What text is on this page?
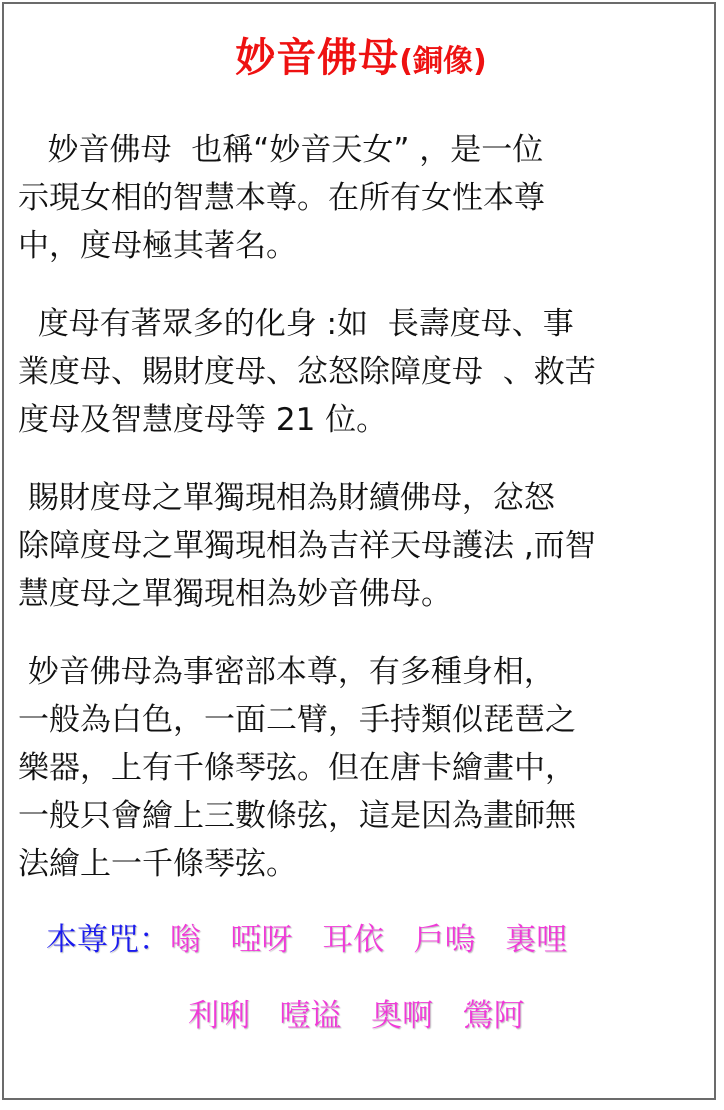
妙音佛母(銅像)
妙音佛母  也稱“妙音天女” ，是一位
示現女相的智慧本尊。在所有女性本尊
中，度母極其著名。
度母有著眾多的化身 :如  長壽度母、事
業度母、賜財度母、忿怒除障度母  、救苦
度母及智慧度母等 21 位。
賜財度母之單獨現相為財續佛母，忿怒
除障度母之單獨現相為吉祥天母護法 ,而智
慧度母之單獨現相為妙音佛母。
妙音佛母為事密部本尊，有多種身相，
一般為白色，一面二臂，手持類似琵琶之
樂器，上有千條琴弦。但在唐卡繪畫中，
一般只會繪上三數條弦，這是因為畫師無
法繪上一千條琴弦。
本尊咒：嗡   啞呀   耳依   戶嗚   裏哩
利唎   噎谥   奧啊   鶯阿
